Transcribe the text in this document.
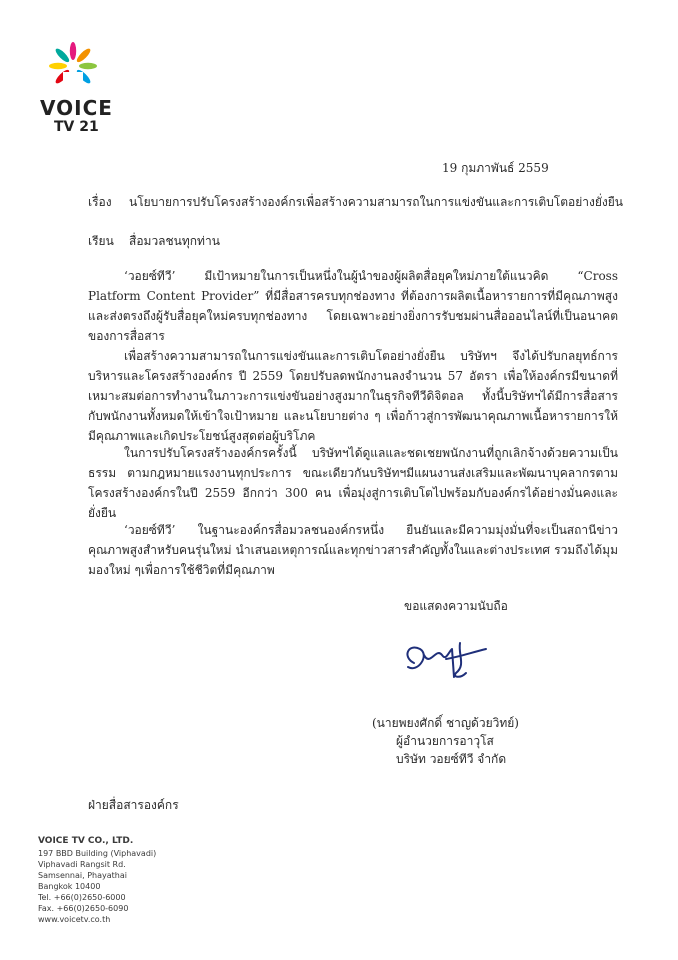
VOICE
TV 21
19 กุมภาพันธ์ 2559
เรื่อง นโยบายการปรับโครงสร้างองค์กรเพื่อสร้างความสามารถในการแข่งขันและการเติบโตอย่างยั่งยืน
เรียน สื่อมวลชนทุกท่าน

‘วอยซ์ทีวี’ มีเป้าหมายในการเป็นหนึ่งในผู้นำของผู้ผลิตสื่อยุคใหม่ภายใต้แนวคิด “Cross Platform Content Provider” ที่มีสื่อสารครบทุกช่องทาง ที่ต้องการผลิตเนื้อหารายการที่มีคุณภาพสูงและส่งตรงถึงผู้รับสื่อยุคใหม่ครบทุกช่องทาง โดยเฉพาะอย่างยิ่งการรับชมผ่านสื่อออนไลน์ที่เป็นอนาคตของการสื่อสาร

เพื่อสร้างความสามารถในการแข่งขันและการเติบโตอย่างยั่งยืน บริษัทฯ จึงได้ปรับกลยุทธ์การบริหารและโครงสร้างองค์กร ปี 2559 โดยปรับลดพนักงานลงจำนวน 57 อัตรา เพื่อให้องค์กรมีขนาดที่เหมาะสมต่อการทำงานในภาวะการแข่งขันอย่างสูงมากในธุรกิจทีวีดิจิตอล ทั้งนี้บริษัทฯได้มีการสื่อสารกับพนักงานทั้งหมดให้เข้าใจเป้าหมาย และนโยบายต่าง ๆ เพื่อก้าวสู่การพัฒนาคุณภาพเนื้อหารายการให้มีคุณภาพและเกิดประโยชน์สูงสุดต่อผู้บริโภค

ในการปรับโครงสร้างองค์กรครั้งนี้ บริษัทฯได้ดูแลและชดเชยพนักงานที่ถูกเลิกจ้างด้วยความเป็นธรรม ตามกฎหมายแรงงานทุกประการ ขณะเดียวกันบริษัทฯมีแผนงานส่งเสริมและพัฒนาบุคลากรตามโครงสร้างองค์กรในปี 2559 อีกกว่า 300 คน เพื่อมุ่งสู่การเติบโตไปพร้อมกับองค์กรได้อย่างมั่นคงและยั่งยืน

‘วอยซ์ทีวี’ ในฐานะองค์กรสื่อมวลชนองค์กรหนึ่ง ยืนยันและมีความมุ่งมั่นที่จะเป็นสถานีข่าวคุณภาพสูงสำหรับคนรุ่นใหม่ นำเสนอเหตุการณ์และทุกข่าวสารสำคัญทั้งในและต่างประเทศ รวมถึงได้มุมมองใหม่ ๆเพื่อการใช้ชีวิตที่มีคุณภาพ

ขอแสดงความนับถือ
(นายพยงศักดิ์ ชาญด้วยวิทย์)
ผู้อำนวยการอาวุโส
บริษัท วอยซ์ทีวี จำกัด
ฝ่ายสื่อสารองค์กร
VOICE TV CO., LTD.
197 BBD Building (Viphavadi)
Viphavadi Rangsit Rd.
Samsennai, Phayathai
Bangkok 10400
Tel. +66(0)2650-6000
Fax. +66(0)2650-6090
www.voicetv.co.th
